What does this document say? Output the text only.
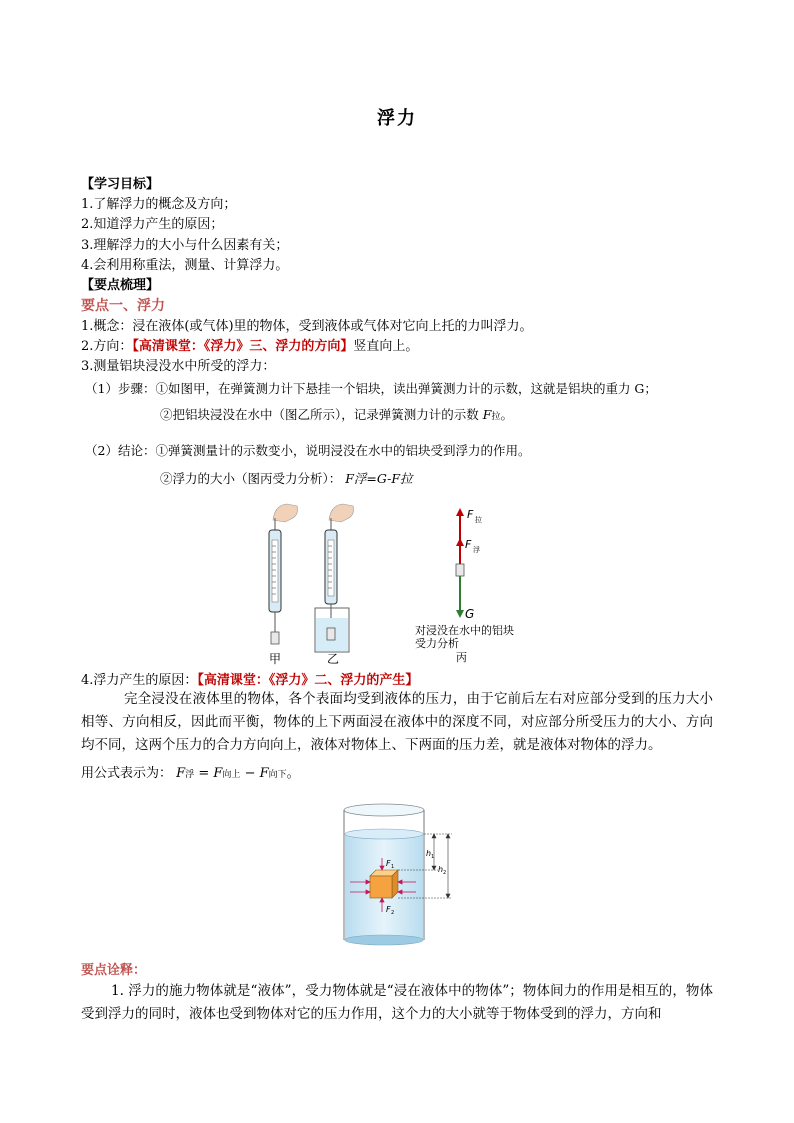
浮力
【学习目标】
1.了解浮力的概念及方向；
2.知道浮力产生的原因；
3.理解浮力的大小与什么因素有关；
4.会利用称重法，测量、计算浮力。
【要点梳理】
要点一、浮力
1.概念：浸在液体(或气体)里的物体，受到液体或气体对它向上托的力叫浮力。
2.方向：【高清课堂：《浮力》三、浮力的方向】竖直向上。
3.测量铝块浸没水中所受的浮力：
（1）步骤：①如图甲，在弹簧测力计下悬挂一个铝块，读出弹簧测力计的示数，这就是铝块的重力 G；
②把铝块浸没在水中（图乙所示），记录弹簧测力计的示数 F拉。
（2）结论：①弹簧测量计的示数变小，说明浸没在水中的铝块受到浮力的作用。
②浮力的大小（图丙受力分析）： F浮=G-F拉
甲	乙
F 拉
F 浮
G
对浸没在水中的铝块
受力分析
丙
4.浮力产生的原因：【高清课堂：《浮力》二、浮力的产生】
完全浸没在液体里的物体，各个表面均受到液体的压力，由于它前后左右对应部分受到的压力大小相等、方向相反，因此而平衡，物体的上下两面浸在液体中的深度不同，对应部分所受压力的大小、方向均不同，这两个压力的合力方向向上，液体对物体上、下两面的压力差，就是液体对物体的浮力。
用公式表示为： F浮 = F向上 − F向下。
F 1
F 2
h 1
h 2
要点诠释：
1. 浮力的施力物体就是“液体”，受力物体就是“浸在液体中的物体”；物体间力的作用是相互的，物体受到浮力的同时，液体也受到物体对它的压力作用，这个力的大小就等于物体受到的浮力，方向和
